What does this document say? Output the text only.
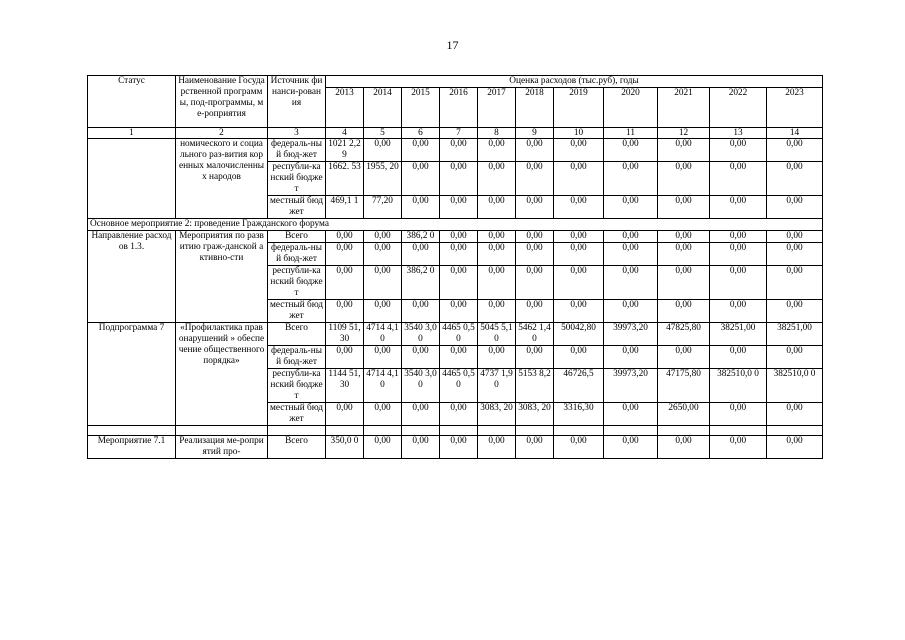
17
Статус	Наименование Государственной программы, под-программы, ме-роприятия	Источник финанси-рования	Оценка расходов (тыс.руб), годы										
			2013	2014	2015	2016	2017	2018	2019	2020	2021	2022	2023
1	2	3	4	5	6	7	8	9	10	11	12	13	14
	номического и социального раз-вития коренных малочисленных народов	федераль-ный бюд-жет	1021 2,29	0,00	0,00	0,00	0,00	0,00	0,00	0,00	0,00	0,00	0,00
		республи-канский бюджет	1662. 53	1955, 20	0,00	0,00	0,00	0,00	0,00	0,00	0,00	0,00	0,00
		местный бюджет	469,1 1	77,20	0,00	0,00	0,00	0,00	0,00	0,00	0,00	0,00	0,00
Основное мероприятие 2: проведение Гражданского форума													
Направление расходов 1.3.	Мероприятия по развитию граж-данской активно-сти	Всего	0,00	0,00	386,2 0	0,00	0,00	0,00	0,00	0,00	0,00	0,00	0,00
		федераль-ный бюд-жет	0,00	0,00	0,00	0,00	0,00	0,00	0,00	0,00	0,00	0,00	0,00
		республи-канский бюджет	0,00	0,00	386,2 0	0,00	0,00	0,00	0,00	0,00	0,00	0,00	0,00
		местный бюджет	0,00	0,00	0,00	0,00	0,00	0,00	0,00	0,00	0,00	0,00	0,00
Подпрограмма 7	«Профилактика правонарушений » обеспечение общественного порядка»	Всего	1109 51,30	4714 4,10	3540 3,00	4465 0,50	5045 5,10	5462 1,40	50042,80	39973,20	47825,80	38251,00	38251,00
		федераль-ный бюд-жет	0,00	0,00	0,00	0,00	0,00	0,00	0,00	0,00	0,00	0,00	0,00
		республи-канский бюджет	1144 51,30	4714 4,10	3540 3,00	4465 0,50	4737 1,90	5153 8,2	46726,5	39973,20	47175,80	382510,0 0	382510,0 0
		местный бюджет	0,00	0,00	0,00	0,00	3083, 20	3083, 20	3316,30	0,00	2650,00	0,00	0,00

Мероприятие 7.1	Реализация ме-роприятий про-	Всего	350,0 0	0,00	0,00	0,00	0,00	0,00	0,00	0,00	0,00	0,00	0,00
